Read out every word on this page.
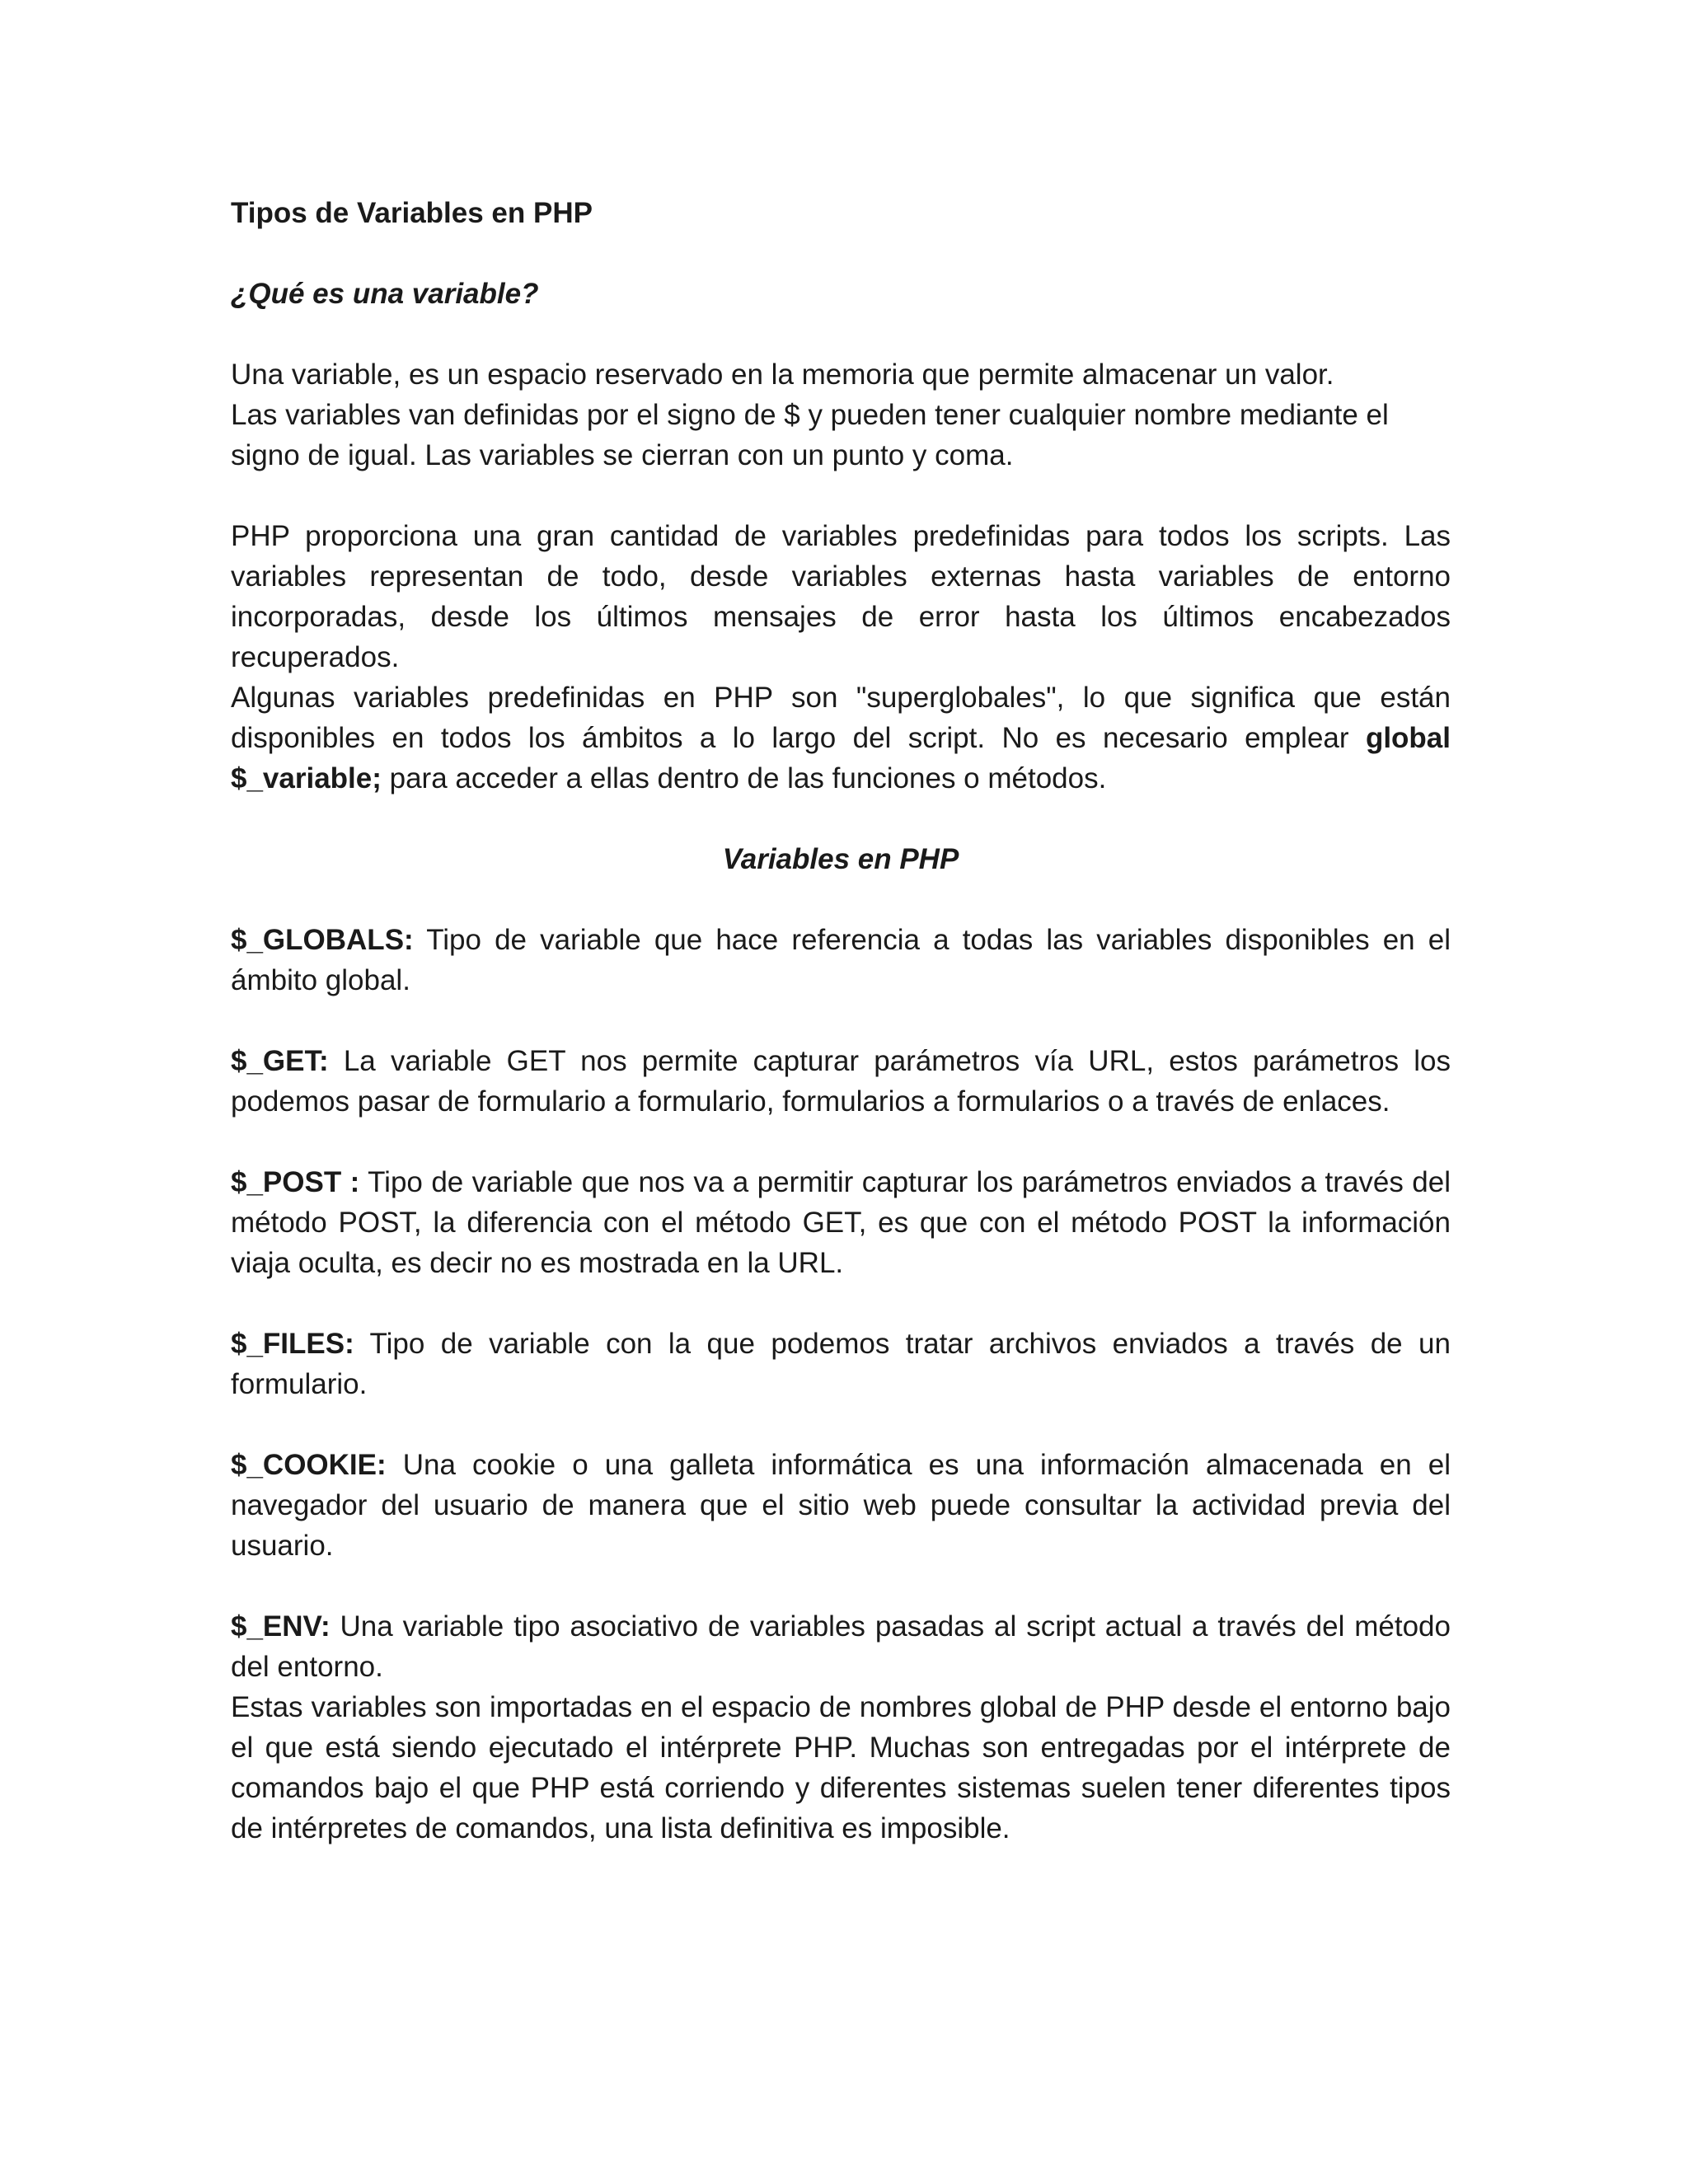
Tipos de Variables en PHP

¿Qué es una variable?

Una variable, es un espacio reservado en la memoria que permite almacenar un valor.

Las variables van definidas por el signo de $ y pueden tener cualquier nombre mediante el signo de igual. Las variables se cierran con un punto y coma.

PHP proporciona una gran cantidad de variables predefinidas para todos los scripts. Las variables representan de todo, desde variables externas hasta variables de entorno incorporadas, desde los últimos mensajes de error hasta los últimos encabezados recuperados.

Algunas variables predefinidas en PHP son "superglobales", lo que significa que están disponibles en todos los ámbitos a lo largo del script. No es necesario emplear global $_variable; para acceder a ellas dentro de las funciones o métodos.

Variables en PHP

$_GLOBALS: Tipo de variable que hace referencia a todas las variables disponibles en el ámbito global.

$_GET: La variable GET nos permite capturar parámetros vía URL, estos parámetros los podemos pasar de formulario a formulario, formularios a formularios o a través de enlaces.

$_POST : Tipo de variable que nos va a permitir capturar los parámetros enviados a través del método POST, la diferencia con el método GET, es que con el método POST la información viaja oculta, es decir no es mostrada en la URL.

$_FILES: Tipo de variable con la que podemos tratar archivos enviados a través de un formulario.

$_COOKIE: Una cookie o una galleta informática es una información almacenada en el navegador del usuario de manera que el sitio web puede consultar la actividad previa del usuario.

$_ENV: Una variable tipo asociativo de variables pasadas al script actual a través del método del entorno.

Estas variables son importadas en el espacio de nombres global de PHP desde el entorno bajo el que está siendo ejecutado el intérprete PHP. Muchas son entregadas por el intérprete de comandos bajo el que PHP está corriendo y diferentes sistemas suelen tener diferentes tipos de intérpretes de comandos, una lista definitiva es imposible.
